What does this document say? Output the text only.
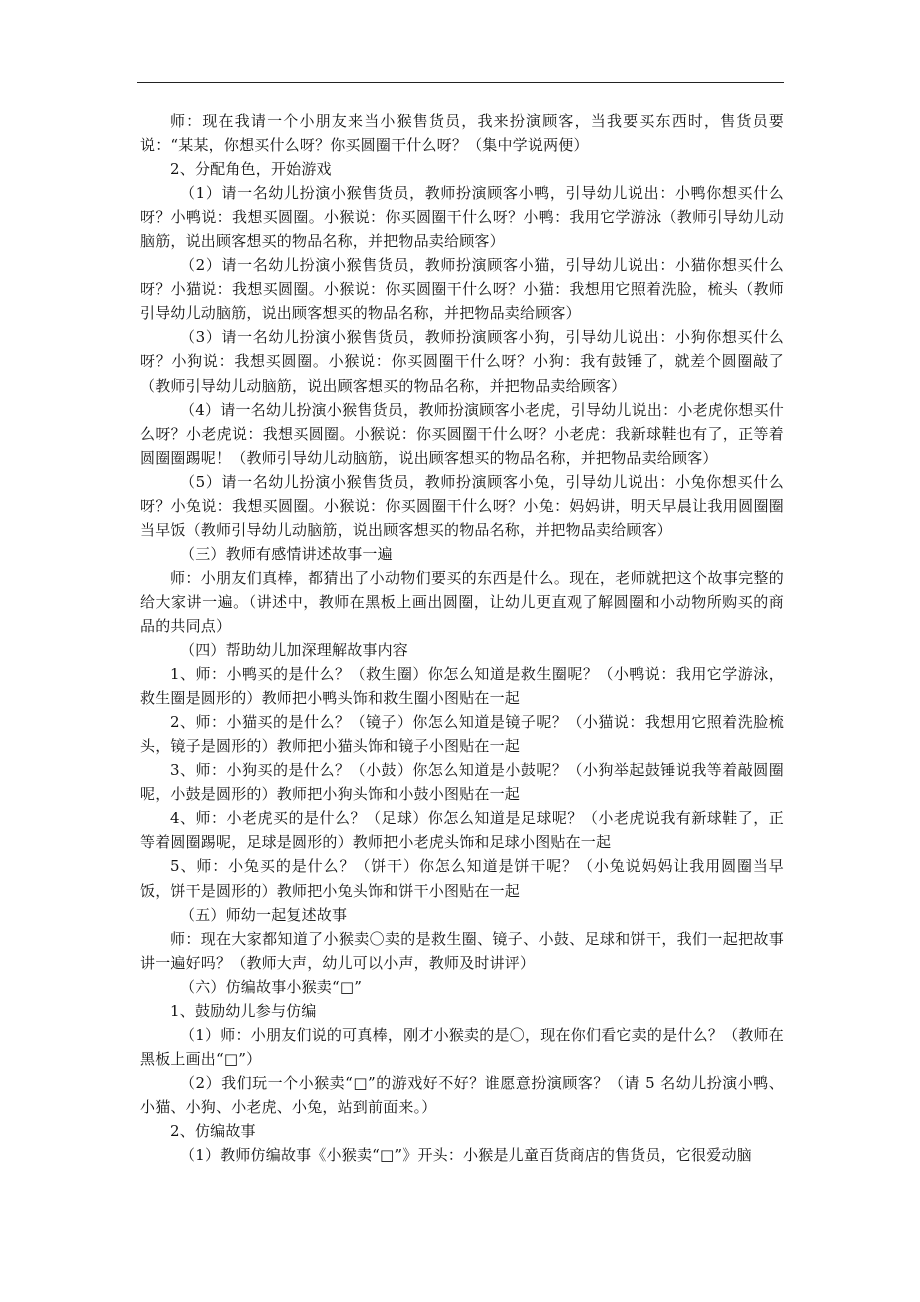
师：现在我请一个小朋友来当小猴售货员，我来扮演顾客，当我要买东西时，售货员要说：“某某，你想买什么呀？你买圆圈干什么呀？（集中学说两便）

2、分配角色，开始游戏

（1）请一名幼儿扮演小猴售货员，教师扮演顾客小鸭，引导幼儿说出：小鸭你想买什么呀？小鸭说：我想买圆圈。小猴说：你买圆圈干什么呀？小鸭：我用它学游泳（教师引导幼儿动脑筋，说出顾客想买的物品名称，并把物品卖给顾客）

（2）请一名幼儿扮演小猴售货员，教师扮演顾客小猫，引导幼儿说出：小猫你想买什么呀？小猫说：我想买圆圈。小猴说：你买圆圈干什么呀？小猫：我想用它照着洗脸，梳头（教师引导幼儿动脑筋，说出顾客想买的物品名称，并把物品卖给顾客）

（3）请一名幼儿扮演小猴售货员，教师扮演顾客小狗，引导幼儿说出：小狗你想买什么呀？小狗说：我想买圆圈。小猴说：你买圆圈干什么呀？小狗：我有鼓锤了，就差个圆圈敲了（教师引导幼儿动脑筋，说出顾客想买的物品名称，并把物品卖给顾客）

（4）请一名幼儿扮演小猴售货员，教师扮演顾客小老虎，引导幼儿说出：小老虎你想买什么呀？小老虎说：我想买圆圈。小猴说：你买圆圈干什么呀？小老虎：我新球鞋也有了，正等着圆圈圈踢呢！（教师引导幼儿动脑筋，说出顾客想买的物品名称，并把物品卖给顾客）

（5）请一名幼儿扮演小猴售货员，教师扮演顾客小兔，引导幼儿说出：小兔你想买什么呀？小兔说：我想买圆圈。小猴说：你买圆圈干什么呀？小兔：妈妈讲，明天早晨让我用圆圈圈当早饭（教师引导幼儿动脑筋，说出顾客想买的物品名称，并把物品卖给顾客）

（三）教师有感情讲述故事一遍

师：小朋友们真棒，都猜出了小动物们要买的东西是什么。现在，老师就把这个故事完整的给大家讲一遍。（讲述中，教师在黑板上画出圆圈，让幼儿更直观了解圆圈和小动物所购买的商品的共同点）

（四）帮助幼儿加深理解故事内容

1、师：小鸭买的是什么？（救生圈）你怎么知道是救生圈呢？（小鸭说：我用它学游泳，救生圈是圆形的）教师把小鸭头饰和救生圈小图贴在一起

2、师：小猫买的是什么？（镜子）你怎么知道是镜子呢？（小猫说：我想用它照着洗脸梳头，镜子是圆形的）教师把小猫头饰和镜子小图贴在一起

3、师：小狗买的是什么？（小鼓）你怎么知道是小鼓呢？（小狗举起鼓锤说我等着敲圆圈呢，小鼓是圆形的）教师把小狗头饰和小鼓小图贴在一起

4、师：小老虎买的是什么？（足球）你怎么知道是足球呢？（小老虎说我有新球鞋了，正等着圆圈踢呢，足球是圆形的）教师把小老虎头饰和足球小图贴在一起

5、师：小兔买的是什么？（饼干）你怎么知道是饼干呢？（小兔说妈妈让我用圆圈当早饭，饼干是圆形的）教师把小兔头饰和饼干小图贴在一起

（五）师幼一起复述故事

师：现在大家都知道了小猴卖〇卖的是救生圈、镜子、小鼓、足球和饼干，我们一起把故事讲一遍好吗？（教师大声，幼儿可以小声，教师及时讲评）

（六）仿编故事小猴卖“□”

1、鼓励幼儿参与仿编

（1）师：小朋友们说的可真棒，刚才小猴卖的是〇，现在你们看它卖的是什么？（教师在黑板上画出“□”）

（2）我们玩一个小猴卖“□”的游戏好不好？谁愿意扮演顾客？（请 5 名幼儿扮演小鸭、小猫、小狗、小老虎、小兔，站到前面来。）

2、仿编故事

（1）教师仿编故事《小猴卖“□”》开头：小猴是儿童百货商店的售货员，它很爱动脑
